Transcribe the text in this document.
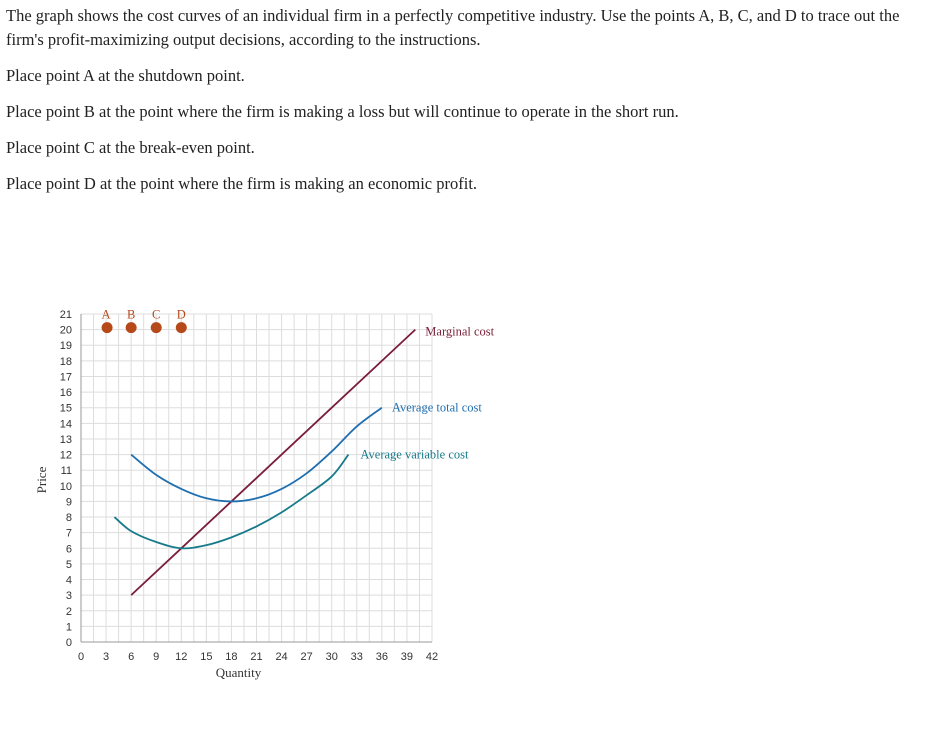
The graph shows the cost curves of an individual firm in a perfectly competitive industry. Use the points A, B, C, and D to trace out the firm's profit-maximizing output decisions, according to the instructions.

Place point A at the shutdown point.

Place point B at the point where the firm is making a loss but will continue to operate in the short run.

Place point C at the break-even point.

Place point D at the point where the firm is making an economic profit.

0 3 6 9 12 15 18 21 24 27 30 33 36 39 42
0
1
2
3
4
5
6
7
8
9
10
11
12
13
14
15
16
17
18
19
20
21
Marginal cost
Average total cost
Average variable cost
A B C D
Quantity
Price
